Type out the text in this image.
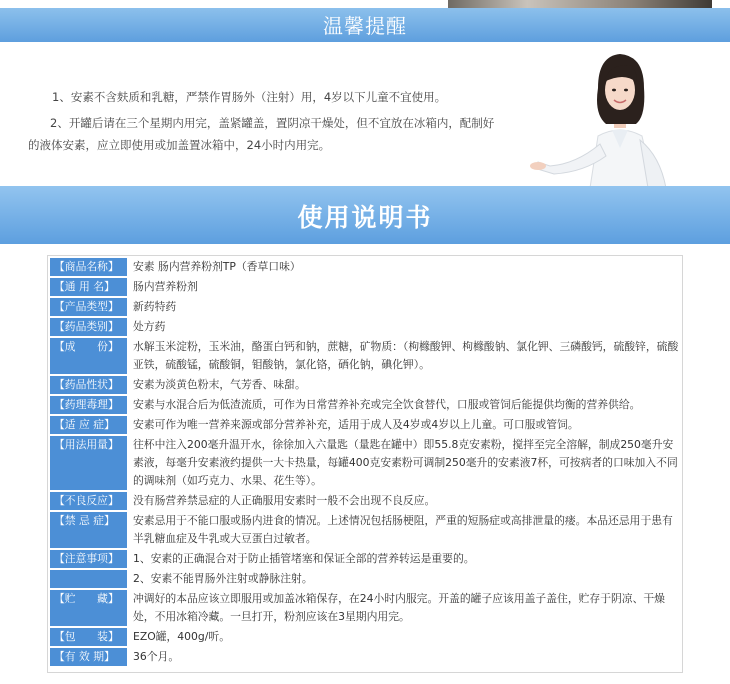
温馨提醒

1、安素不含麸质和乳糖，严禁作胃肠外（注射）用，4岁以下儿童不宜使用。

2、开罐后请在三个星期内用完，盖紧罐盖，置阴凉干燥处，但不宜放在冰箱内，配制好的液体安素，应立即使用或加盖置冰箱中，24小时内用完。

使用说明书
【商品名称】	安素 肠内营养粉剂TP（香草口味）
【通 用 名】	肠内营养粉剂
【产品类型】	新药特药
【药品类别】	处方药
【成　　份】	水解玉米淀粉，玉米油，酪蛋白钙和钠，蔗糖，矿物质：（枸橼酸钾、枸橼酸钠、氯化钾、三磷酸钙，硫酸锌，硫酸亚铁，硫酸锰，硫酸铜，钼酸钠，氯化铬，硒化钠，碘化钾）。
【药品性状】	安素为淡黄色粉末，气芳香、味甜。
【药理毒理】	安素与水混合后为低渣流质，可作为日常营养补充或完全饮食替代，口服或管饲后能提供均衡的营养供给。
【适 应 症】	安素可作为唯一营养来源或部分营养补充，适用于成人及4岁或4岁以上儿童。可口服或管饲。
【用法用量】	往杯中注入200毫升温开水，徐徐加入六量匙（量匙在罐中）即55.8克安素粉，搅拌至完全溶解，制成250毫升安素液，每毫升安素液约提供一大卡热量，每罐400克安素粉可调制250毫升的安素液7杯，可按病者的口味加入不同的调味剂（如巧克力、水果、花生等）。
【不良反应】	没有肠营养禁忌症的人正确服用安素时一般不会出现不良反应。
【禁 忌 症】	安素忌用于不能口服或肠内进食的情况。上述情况包括肠梗阻，严重的短肠症或高排泄量的瘘。本品还忌用于患有半乳糖血症及牛乳或大豆蛋白过敏者。
【注意事项】	1、安素的正确混合对于防止插管堵塞和保证全部的营养转运是重要的。
	2、安素不能胃肠外注射或静脉注射。
【贮　　藏】	冲调好的本品应该立即服用或加盖冰箱保存，在24小时内服完。开盖的罐子应该用盖子盖住，贮存于阴凉、干燥处，不用冰箱冷藏。一旦打开，粉剂应该在3星期内用完。
【包　　装】	EZO罐，400g/听。
【有 效 期】	36个月。
